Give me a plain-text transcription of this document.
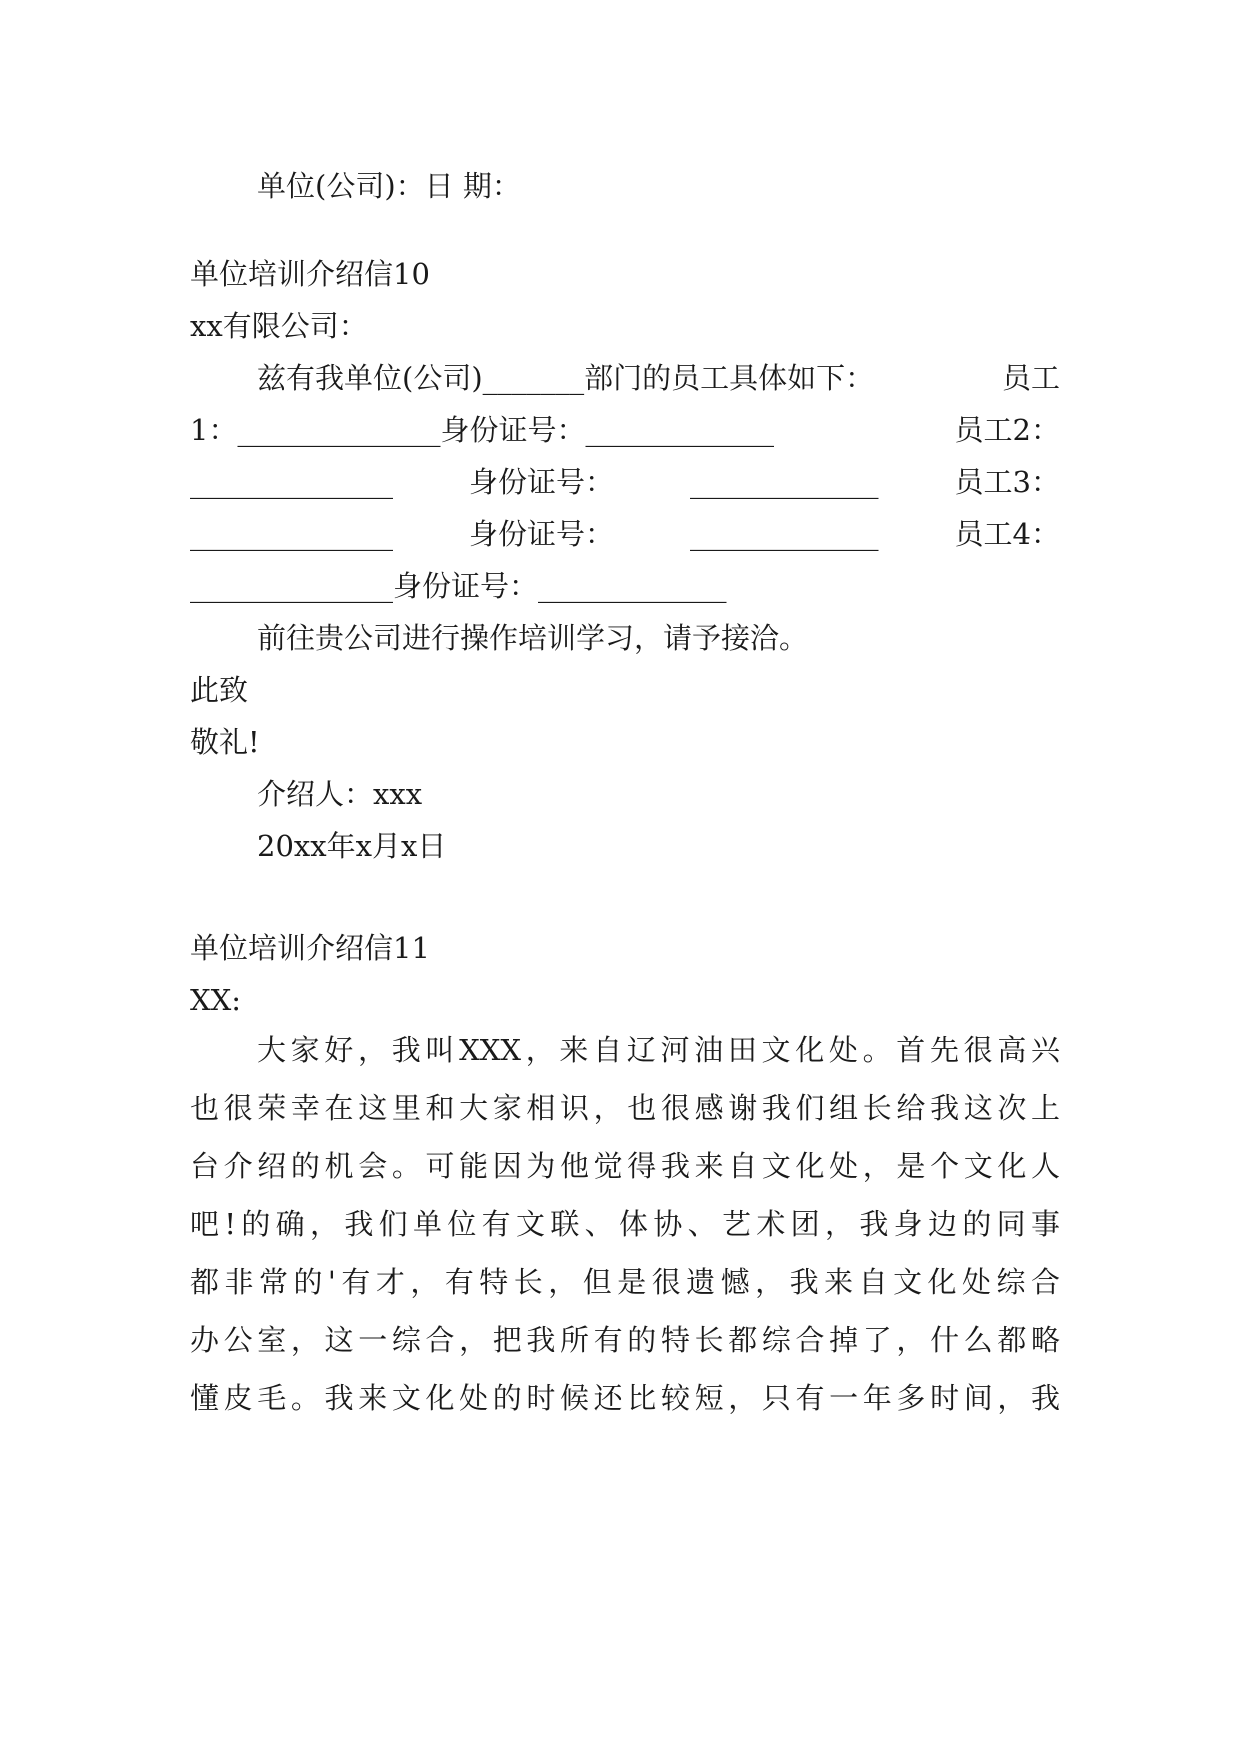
单位(公司)：日 期：
单位培训介绍信10
xx有限公司：
兹有我单位(公司)_______部门的员工具体如下：	员工
1：______________身份证号：_____________	员工2：
______________	身份证号：	_____________	员工3：
______________	身份证号：	_____________	员工4：
______________身份证号：_____________
前往贵公司进行操作培训学习，请予接洽。
此致
敬礼!
介绍人：xxx
20xx年x月x日
单位培训介绍信11
XX:

大家好，我叫XXX，来自辽河油田文化处。首先很高兴

也很荣幸在这里和大家相识，也很感谢我们组长给我这次上

台介绍的机会。可能因为他觉得我来自文化处，是个文化人

吧!的确，我们单位有文联、体协、艺术团，我身边的同事

都非常的'有才，有特长，但是很遗憾，我来自文化处综合

办公室，这一综合，把我所有的特长都综合掉了，什么都略

懂皮毛。我来文化处的时候还比较短，只有一年多时间，我
